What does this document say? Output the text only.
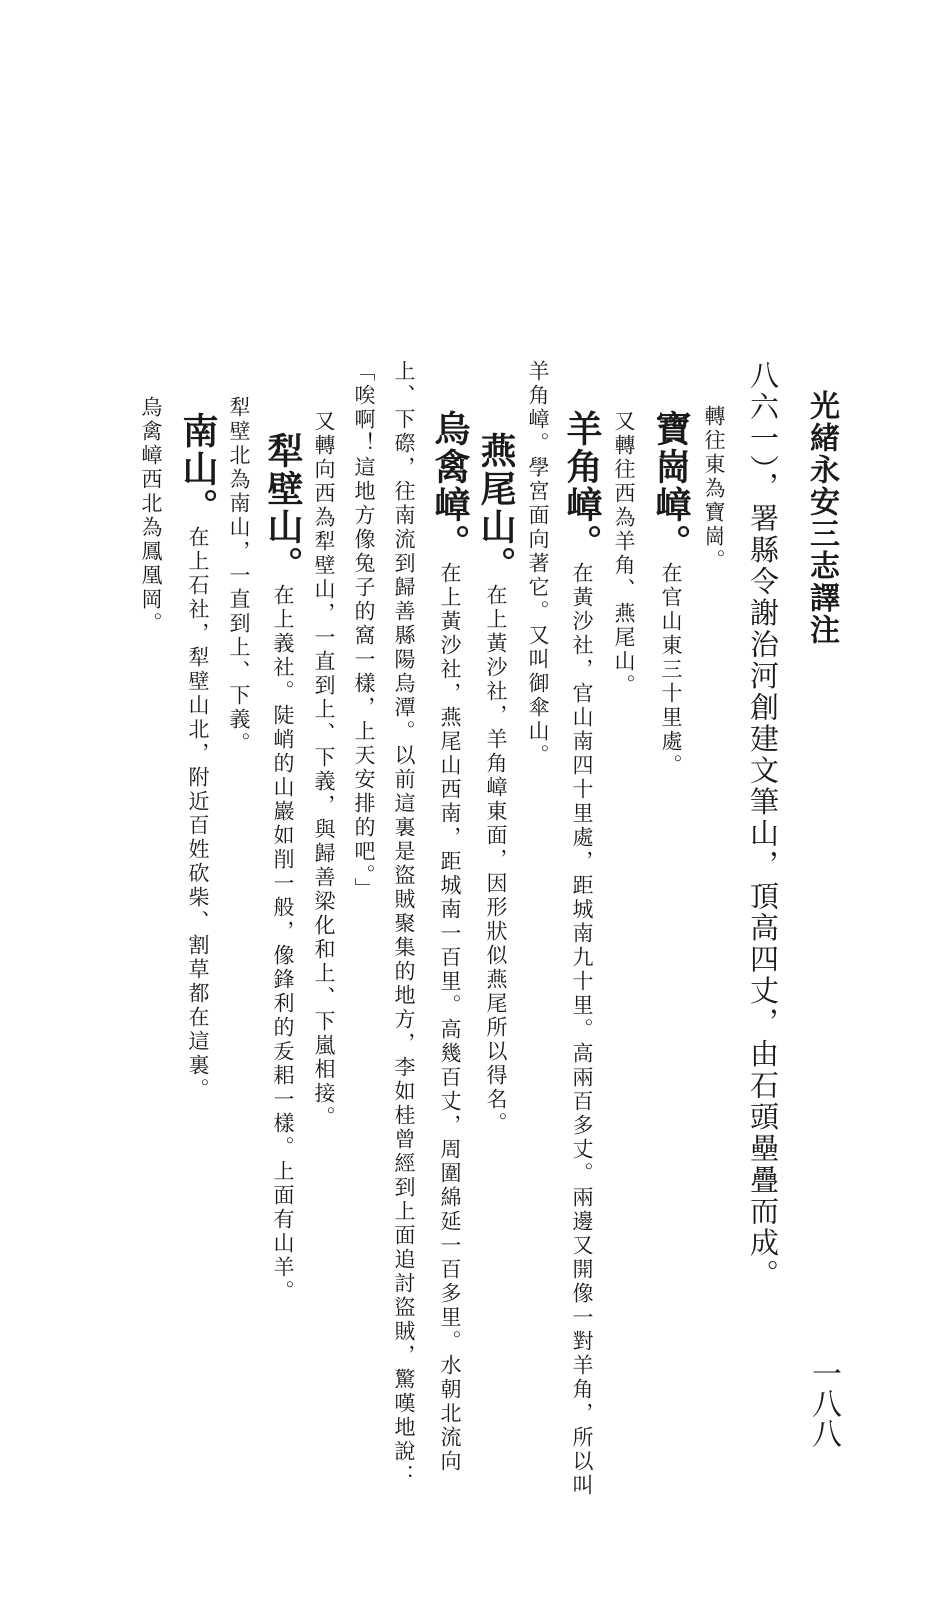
光緒永安三志譯注
一八八
八六一），署縣令謝治河創建文筆山，頂高四丈，由石頭壘疊而成。
轉往東為寶崗。
寶崗嶂。在官山東三十里處。
又轉往西為羊角、燕尾山。
羊角嶂。在黃沙社，官山南四十里處，距城南九十里。高兩百多丈。兩邊又開像一對羊角，所以叫
羊角嶂。學宮面向著它。又叫御傘山。
燕尾山。在上黃沙社，羊角嶂東面，因形狀似燕尾所以得名。
烏禽嶂。在上黃沙社，燕尾山西南，距城南一百里。高幾百丈，周圍綿延一百多里。水朝北流向
上、下磜，往南流到歸善縣陽烏潭。以前這裏是盜賊聚集的地方，李如桂曾經到上面追討盜賊，驚嘆地說：
「唉啊！這地方像兔子的窩一樣，上天安排的吧。」
又轉向西為犁壁山，一直到上、下義，與歸善梁化和上、下嵐相接。
犁壁山。在上義社。陡峭的山巖如削一般，像鋒利的叐耜一樣。上面有山羊。
犁壁北為南山，一直到上、下義。
南山。在上石社，犁壁山北，附近百姓砍柴、割草都在這裏。
烏禽嶂西北為鳳凰岡。
